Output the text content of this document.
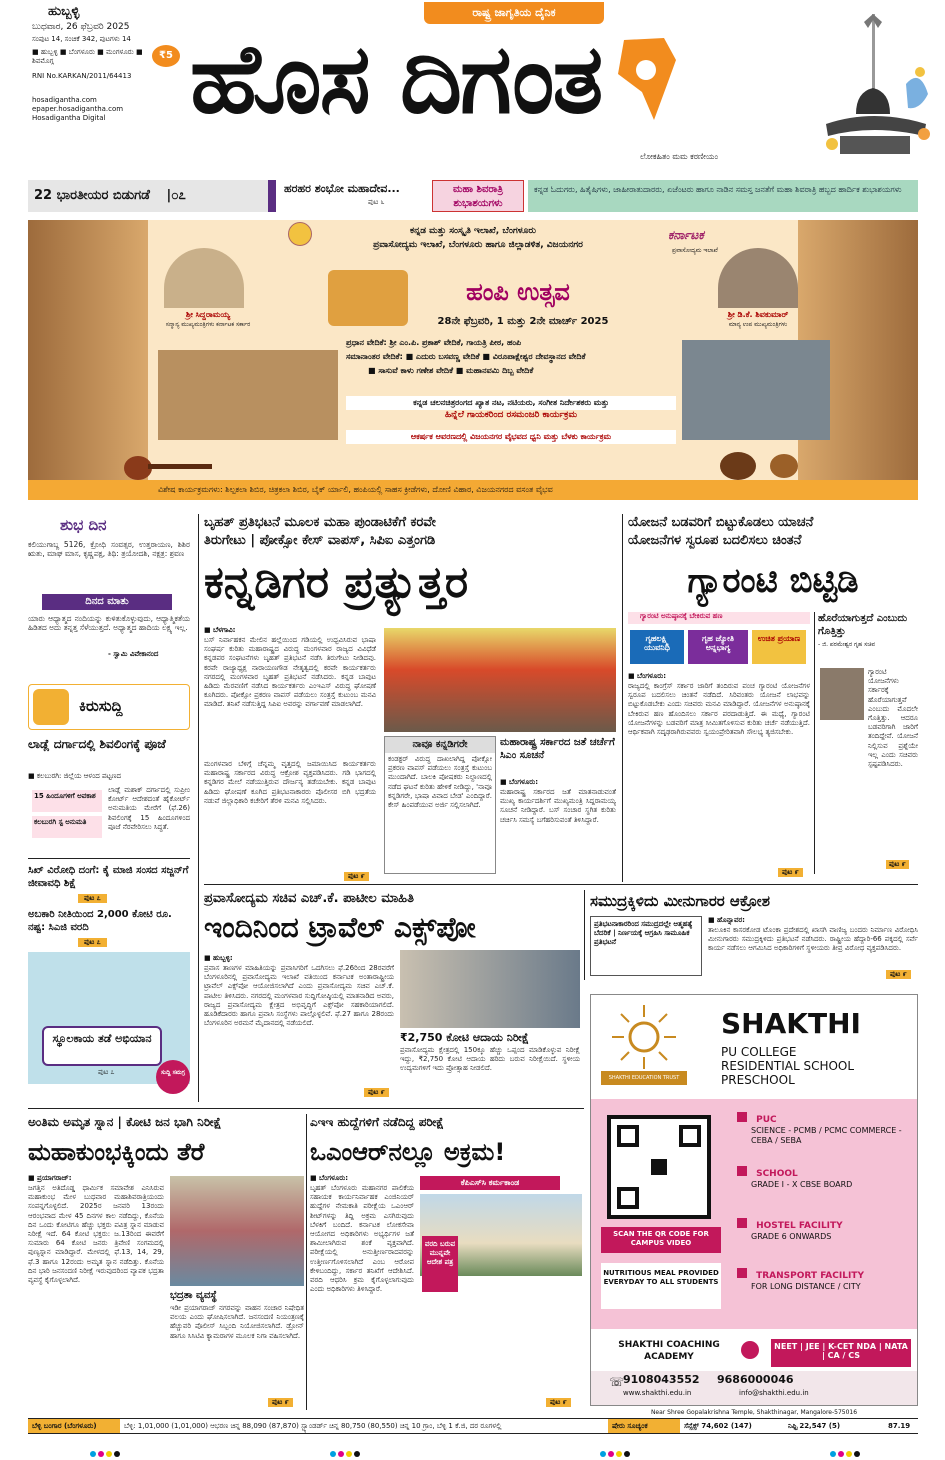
ಹುಬ್ಬಳ್ಳಿ
ಬುಧವಾರ, 26 ಫೆಬ್ರವರಿ 2025
ಸಂಪುಟ 14, ಸಂಚಿಕೆ 342, ಪುಟಗಳು 14
■ ಹುಬ್ಬಳ್ಳಿ ■ ಬೆಂಗಳೂರು ■ ಮಂಗಳೂರು ■ ಶಿವಮೊಗ್ಗ	₹5
RNI No.KARKAN/2011/64413
hosadigantha.com
epaper.hosadigantha.com
Hosadigantha Digital
ರಾಷ್ಟ್ರ ಜಾಗೃತಿಯ ದೈನಿಕ
ಹೊಸ ದಿಗಂತ
ಲೋಕಹಿತಂ ಮಮ ಕರಣೀಯಂ
22 ಭಾರತೀಯರ ಬಿಡುಗಡೆ |೦೭	ಹರಹರ ಶಂಭೋ ಮಹಾದೇವ...
ಪುಟ ೬
ಮಹಾ ಶಿವರಾತ್ರಿ ಶುಭಾಶಯಗಳು
ಕನ್ನಡ ಓದುಗರು, ಹಿತೈಷಿಗಳು, ಜಾಹೀರಾತುದಾರರು, ಏಜೆಂಟರು ಹಾಗೂ ನಾಡಿನ ಸಮಸ್ತ ಜನತೆಗೆ ಮಹಾ ಶಿವರಾತ್ರಿ ಹಬ್ಬದ ಹಾರ್ದಿಕ ಶುಭಾಶಯಗಳು
ಕನ್ನಡ ಮತ್ತು ಸಂಸ್ಕೃತಿ ಇಲಾಖೆ, ಬೆಂಗಳೂರು
ಪ್ರವಾಸೋದ್ಯಮ ಇಲಾಖೆ, ಬೆಂಗಳೂರು ಹಾಗೂ ಜಿಲ್ಲಾಡಳಿತ, ವಿಜಯನಗರ
ಕರ್ನಾಟಕ
ಪ್ರವಾಸೋದ್ಯಮ ಇಲಾಖೆ
ಶ್ರೀ ಸಿದ್ದರಾಮಯ್ಯ
ಸನ್ಮಾನ್ಯ ಮುಖ್ಯಮಂತ್ರಿಗಳು ಕರ್ನಾಟಕ ಸರ್ಕಾರ
ಶ್ರೀ ಡಿ.ಕೆ. ಶಿವಕುಮಾರ್
ಮಾನ್ಯ ಉಪ ಮುಖ್ಯಮಂತ್ರಿಗಳು
ಹಂಪಿ ಉತ್ಸವ
28ನೇ ಫೆಬ್ರವರಿ, 1 ಮತ್ತು 2ನೇ ಮಾರ್ಚ್ 2025
ಪ್ರಧಾನ ವೇದಿಕೆ: ಶ್ರೀ ಎಂ.ಪಿ. ಪ್ರಕಾಶ್ ವೇದಿಕೆ, ಗಾಯತ್ರಿ ಪೀಠ, ಹಂಪಿ
ಸಮಾನಾಂತರ ವೇದಿಕೆ: ■ ಎದುರು ಬಸವಣ್ಣ ವೇದಿಕೆ ■ ವಿರೂಪಾಕ್ಷೇಶ್ವರ ದೇವಸ್ಥಾನದ ವೇದಿಕೆ
■ ಸಾಸುವೆ ಕಾಳು ಗಣೇಶ ವೇದಿಕೆ ■ ಮಹಾನವಮಿ ದಿಬ್ಬ ವೇದಿಕೆ
ಕನ್ನಡ ಚಲನಚಿತ್ರರಂಗದ ಖ್ಯಾತ ನಟ, ನಟಿಯರು, ಸಂಗೀತ ನಿರ್ದೇಶಕರು ಮತ್ತು
ಹಿನ್ನೆಲೆ ಗಾಯಕರಿಂದ ರಸಮಂಜರಿ ಕಾರ್ಯಕ್ರಮ
ಆಕರ್ಷಕ ಆವರಣದಲ್ಲಿ ವಿಜಯನಗರ ವೈಭವದ ಧ್ವನಿ ಮತ್ತು ಬೆಳಕು ಕಾರ್ಯಕ್ರಮ
ವಿಶೇಷ ಕಾರ್ಯಕ್ರಮಗಳು: ಶಿಲ್ಪಕಲಾ ಶಿಬಿರ, ಚಿತ್ರಕಲಾ ಶಿಬಿರ, ಬೈಕ್ ರ್ಯಾಲಿ, ಹಂಪಿಯಲ್ಲಿ ಸಾಹಸ ಕ್ರೀಡೆಗಳು, ದೋಣಿ ವಿಹಾರ, ವಿಜಯನಗರದ ವಸಂತ ವೈಭವ
ಶುಭ ದಿನ
ಕಲಿಯುಗಾಬ್ದ 5126, ಕ್ರೋಧಿ ಸಂವತ್ಸರ, ಉತ್ತರಾಯಣ, ಶಿಶಿರ ಋತು, ಮಾಘ ಮಾಸ, ಕೃಷ್ಣಪಕ್ಷ, ತಿಥಿ: ತ್ರಯೋದಶಿ, ನಕ್ಷತ್ರ: ಶ್ರವಣ
ದಿನದ ಮಾತು
ಯಾರು ಆಧ್ಯಾತ್ಮದ ನಂದಿಯನ್ನು ಕುಳಿತುಕೊಳ್ಳುವುದು, ಆಧ್ಯಾತ್ಮಿಕತೆಯ ಹಿಡಿತದ ಅದು ತನ್ನತ್ತ ಸೆಳೆಯುತ್ತದೆ. ಅಧ್ಯಾತ್ಮದ ಹಾದಿಯ ಲಕ್ಷ್ಯ ಇಲ್ಲ.
- ಸ್ವಾಮಿ ವಿವೇಕಾನಂದ
ಕಿರುಸುದ್ದಿ
ಲಾಡ್ಲೆ ದರ್ಗಾದಲ್ಲಿ ಶಿವಲಿಂಗಕ್ಕೆ ಪೂಜೆ
■ ಕಲಬುರಗಿ: ಜಿಲ್ಲೆಯ ಆಳಂದ ಪಟ್ಟಣದ
15 ಹಿಂದೂಗಳಿಗೆ ಅವಕಾಶ
ಕಲಬುರಗಿ ಸ್ಟ ಅನುಮತಿ
ಲಾಡ್ಲೆ ಮಶಾಕ್ ದರ್ಗಾದಲ್ಲಿ ಸುಪ್ರೀಂ ಕೋರ್ಟ್ ಆದೇಶದಂತೆ ಹೈಕೋರ್ಟ್ ಅನುಮತಿಯ ಮೇರೆಗೆ (ಫೆ.26) ಶಿವಲಿಂಗಕ್ಕೆ 15 ಹಿಂದೂಗಳಿಂದ ಪೂಜೆ ನೆರವೇರಿಸಲು ಸಿದ್ಧತೆ.
ಸಿಖ್ ವಿರೋಧಿ ದಂಗೆ: ಕೈ ಮಾಜಿ ಸಂಸದ ಸಜ್ಜನ್‌ಗೆ ಜೀವಾವಧಿ ಶಿಕ್ಷೆ
ಪುಟ ೭
ಅಬಕಾರಿ ನೀತಿಯಿಂದ 2,000 ಕೋಟಿ ರೂ. ನಷ್ಟ: ಸಿಎಜಿ ವರದಿ
ಪುಟ ೭
ಸ್ಥೂಲಕಾಯ ತಡೆ ಅಭಿಯಾನ
ಪುಟ ೭	ಸುದ್ದಿ ಸಮಗ್ರ
ಬೃಹತ್ ಪ್ರತಿಭಟನೆ ಮೂಲಕ ಮಹಾ ಪುಂಡಾಟಿಕೆಗೆ ಕರವೇ
ತಿರುಗೇಟು | ಪೋಕ್ಸೋ ಕೇಸ್ ವಾಪಸ್, ಸಿಪಿಐ ಎತ್ತಂಗಡಿ
ಕನ್ನಡಿಗರ ಪ್ರತ್ಯುತ್ತರ
■ ಬೆಳಗಾವಿ:
ಬಸ್ ನಿರ್ವಾಹಕನ ಮೇಲಿನ ಹಲ್ಲೆಯಿಂದ ಗಡಿಯಲ್ಲಿ ಉದ್ಭವಿಸಿರುವ ಭಾಷಾ ಸಂಘರ್ಷ ಕುರಿತು ಮಹಾರಾಷ್ಟ್ರದ ವಿರುದ್ಧ ಮಂಗಳವಾರ ರಾಜ್ಯದ ವಿವಿಧೆಡೆ ಕನ್ನಡಪರ ಸಂಘಟನೆಗಳು ಬೃಹತ್ ಪ್ರತಿಭಟನೆ ನಡೆಸಿ ತಿರುಗೇಟು ನೀಡಿದವು. ಕರವೇ ರಾಜ್ಯಾಧ್ಯಕ್ಷ ನಾರಾಯಣಗೌಡ ನೇತೃತ್ವದಲ್ಲಿ ಕರವೇ ಕಾರ್ಯಕರ್ತರು ನಗರದಲ್ಲಿ ಮಂಗಳವಾರ ಬೃಹತ್ ಪ್ರತಿಭಟನೆ ನಡೆಸಿದರು. ಕನ್ನಡ ಬಾವುಟ ಹಿಡಿದು ಮೆರವಣಿಗೆ ನಡೆಸಿದ ಕಾರ್ಯಕರ್ತರು ಎಂಇಎಸ್ ವಿರುದ್ಧ ಘೋಷಣೆ ಕೂಗಿದರು. ಪೋಕ್ಸೋ ಪ್ರಕರಣ ವಾಪಸ್ ಪಡೆಯಲು ಸಂತ್ರಸ್ತೆ ಕುಟುಂಬ ಮನವಿ ಮಾಡಿದೆ. ತನಿಖೆ ನಡೆಸುತ್ತಿದ್ದ ಸಿಪಿಐ ಅವರನ್ನು ವರ್ಗಾವಣೆ ಮಾಡಲಾಗಿದೆ.
ಮಂಗಳವಾರ ಬೆಳಿಗ್ಗೆ ಚೆನ್ನಮ್ಮ ವೃತ್ತದಲ್ಲಿ ಜಮಾಯಿಸಿದ ಕಾರ್ಯಕರ್ತರು ಮಹಾರಾಷ್ಟ್ರ ಸರ್ಕಾರದ ವಿರುದ್ಧ ಆಕ್ರೋಶ ವ್ಯಕ್ತಪಡಿಸಿದರು. ಗಡಿ ಭಾಗದಲ್ಲಿ ಕನ್ನಡಿಗರ ಮೇಲೆ ನಡೆಯುತ್ತಿರುವ ದೌರ್ಜನ್ಯ ತಡೆಯಬೇಕು. ಕನ್ನಡ ಬಾವುಟ ಹಿಡಿದು ಘೋಷಣೆ ಕೂಗಿದ ಪ್ರತಿಭಟನಾಕಾರರು ಪೊಲೀಸರ ಬಿಗಿ ಭದ್ರತೆಯ ನಡುವೆ ಜಿಲ್ಲಾಧಿಕಾರಿ ಕಚೇರಿಗೆ ತೆರಳಿ ಮನವಿ ಸಲ್ಲಿಸಿದರು.
ಪುಟ ೯
ನಾವೂ ಕನ್ನಡಿಗರೇ
ಕಂಡಕ್ಟರ್ ವಿರುದ್ಧ ದಾಖಲಾಗಿದ್ದ ಪೋಕ್ಸೋ ಪ್ರಕರಣ ವಾಪಸ್ ಪಡೆಯಲು ಸಂತ್ರಸ್ತೆ ಕುಟುಂಬ ಮುಂದಾಗಿದೆ. ಬಾಲಕಿ ಪೋಷಕರು ನಿಲ್ದಾಣದಲ್ಲಿ ನಡೆದ ಘಟನೆ ಕುರಿತು ಹೇಳಿಕೆ ನೀಡಿದ್ದು, 'ನಾವೂ ಕನ್ನಡಿಗರೇ, ಭಾಷಾ ವಿವಾದ ಬೇಡ' ಎಂದಿದ್ದಾರೆ. ಕೇಸ್ ಹಿಂಪಡೆಯುವ ಅರ್ಜಿ ಸಲ್ಲಿಸಲಾಗಿದೆ.
ಮಹಾರಾಷ್ಟ್ರ ಸರ್ಕಾರದ ಜತೆ ಚರ್ಚೆಗೆ ಸಿಎಂ ಸೂಚನೆ
■ ಬೆಂಗಳೂರು:
ಮಹಾರಾಷ್ಟ್ರ ಸರ್ಕಾರದ ಜತೆ ಮಾತನಾಡುವಂತೆ ಮುಖ್ಯ ಕಾರ್ಯದರ್ಶಿಗೆ ಮುಖ್ಯಮಂತ್ರಿ ಸಿದ್ದರಾಮಯ್ಯ ಸೂಚನೆ ನೀಡಿದ್ದಾರೆ. ಬಸ್ ಸಂಚಾರ ಸ್ಥಗಿತ ಕುರಿತು ಚರ್ಚಿಸಿ ಸಮಸ್ಯೆ ಬಗೆಹರಿಸುವಂತೆ ತಿಳಿಸಿದ್ದಾರೆ.
ಯೋಜನೆ ಬಡವರಿಗೆ ಬಿಟ್ಟುಕೊಡಲು ಯಾಚನೆ
ಯೋಜನೆಗಳ ಸ್ವರೂಪ ಬದಲಿಸಲು ಚಿಂತನೆ
ಗ್ಯಾರಂಟಿ ಬಿಟ್ಟಿಡಿ
ಗ್ಯಾರಂಟಿ ಅನುಷ್ಠಾನಕ್ಕೆ ಬೇಕಿರುವ ಹಣ
ಗೃಹಲಕ್ಷ್ಮಿ
ಯುವನಿಧಿ
ಗೃಹ ಜ್ಯೋತಿ
ಅನ್ನಭಾಗ್ಯ
ಉಚಿತ ಪ್ರಯಾಣ
■ ಬೆಂಗಳೂರು:
ರಾಜ್ಯದಲ್ಲಿ ಕಾಂಗ್ರೆಸ್ ಸರ್ಕಾರ ಜಾರಿಗೆ ತಂದಿರುವ ಪಂಚ ಗ್ಯಾರಂಟಿ ಯೋಜನೆಗಳ ಸ್ವರೂಪ ಬದಲಿಸಲು ಚಿಂತನೆ ನಡೆದಿದೆ. ಸಿರಿವಂತರು ಯೋಜನೆ ಲಾಭವನ್ನು ಬಿಟ್ಟುಕೊಡಬೇಕು ಎಂದು ಸಚಿವರು ಮನವಿ ಮಾಡಿದ್ದಾರೆ. ಯೋಜನೆಗಳ ಅನುಷ್ಠಾನಕ್ಕೆ ಬೇಕಿರುವ ಹಣ ಹೊಂದಿಸಲು ಸರ್ಕಾರ ಪರದಾಡುತ್ತಿದೆ. ಈ ಮಧ್ಯೆ, ಗ್ಯಾರಂಟಿ ಯೋಜನೆಗಳನ್ನು ಬಡವರಿಗೆ ಮಾತ್ರ ಸೀಮಿತಗೊಳಿಸುವ ಕುರಿತು ಚರ್ಚೆ ನಡೆಯುತ್ತಿದೆ. ಆರ್ಥಿಕವಾಗಿ ಸದೃಢರಾಗಿರುವವರು ಸ್ವಯಂಪ್ರೇರಿತವಾಗಿ ಸೌಲಭ್ಯ ತ್ಯಜಿಸಬೇಕು.
ಪುಟ ೯
ಹೊರೆಯಾಗುತ್ತದೆ ಎಂಬುದು ಗೊತ್ತಿತ್ತು
- ಜಿ. ಪರಮೇಶ್ವರ ಗೃಹ ಸಚಿವ
ಗ್ಯಾರಂಟಿ ಯೋಜನೆಗಳು ಸರ್ಕಾರಕ್ಕೆ ಹೊರೆಯಾಗುತ್ತವೆ ಎಂಬುದು ಮೊದಲೇ ಗೊತ್ತಿತ್ತು. ಆದರೂ ಬಡವರಿಗಾಗಿ ಜಾರಿಗೆ ತಂದಿದ್ದೇವೆ. ಯೋಜನೆ ನಿಲ್ಲಿಸುವ ಪ್ರಶ್ನೆಯೇ ಇಲ್ಲ ಎಂದು ಸಚಿವರು ಸ್ಪಷ್ಟಪಡಿಸಿದರು.
ಪುಟ ೯
ಪ್ರವಾಸೋದ್ಯಮ ಸಚಿವ ಎಚ್.ಕೆ. ಪಾಟೀಲ ಮಾಹಿತಿ
ಇಂದಿನಿಂದ ಟ್ರಾವೆಲ್ ಎಕ್ಸ್‌ಪೋ
■ ಹುಬ್ಬಳ್ಳಿ:
ಪ್ರವಾಸ ತಾಣಗಳ ಮಾಹಿತಿಯನ್ನು ಪ್ರವಾಸಿಗರಿಗೆ ಒದಗಿಸಲು ಫೆ.26ರಿಂದ 28ರವರೆಗೆ ಬೆಂಗಳೂರಿನಲ್ಲಿ ಪ್ರವಾಸೋದ್ಯಮ ಇಲಾಖೆ ವತಿಯಿಂದ ಕರ್ನಾಟಕ ಅಂತಾರಾಷ್ಟ್ರೀಯ ಟ್ರಾವೆಲ್ ಎಕ್ಸ್‌ಪೋ ಆಯೋಜಿಸಲಾಗಿದೆ ಎಂದು ಪ್ರವಾಸೋದ್ಯಮ ಸಚಿವ ಎಚ್.ಕೆ. ಪಾಟೀಲ ತಿಳಿಸಿದರು. ನಗರದಲ್ಲಿ ಮಂಗಳವಾರ ಸುದ್ದಿಗೋಷ್ಠಿಯಲ್ಲಿ ಮಾತನಾಡಿದ ಅವರು, ರಾಜ್ಯದ ಪ್ರವಾಸೋದ್ಯಮ ಕ್ಷೇತ್ರದ ಅಭಿವೃದ್ಧಿಗೆ ಎಕ್ಸ್‌ಪೋ ಸಹಕಾರಿಯಾಗಲಿದೆ. ಹೂಡಿಕೆದಾರರು ಹಾಗೂ ಪ್ರವಾಸಿ ಸಂಸ್ಥೆಗಳು ಪಾಲ್ಗೊಳ್ಳಲಿವೆ. ಫೆ.27 ಹಾಗೂ 28ರಂದು ಬೆಂಗಳೂರಿನ ಅರಮನೆ ಮೈದಾನದಲ್ಲಿ ನಡೆಯಲಿದೆ.
₹2,750 ಕೋಟಿ ಆದಾಯ ನಿರೀಕ್ಷೆ
ಪ್ರವಾಸೋದ್ಯಮ ಕ್ಷೇತ್ರದಲ್ಲಿ 150ಕ್ಕೂ ಹೆಚ್ಚು ಒಪ್ಪಂದ ಮಾಡಿಕೊಳ್ಳುವ ನಿರೀಕ್ಷೆ ಇದ್ದು, ₹2,750 ಕೋಟಿ ಆದಾಯ ಹರಿದು ಬರುವ ನಿರೀಕ್ಷೆಯಿದೆ. ಸ್ಥಳೀಯ ಉದ್ಯಮಗಳಿಗೆ ಇದು ಪ್ರೋತ್ಸಾಹ ನೀಡಲಿದೆ.
ಪುಟ ೯
ಸಮುದ್ರಕ್ಕಿಳಿದು ಮೀನುಗಾರರ ಆಕ್ರೋಶ
ಪ್ರತಿಭಟನಾಕಾರರಿಂದ ಸಮುದ್ರದಲ್ಲೇ ಆತ್ಮಹತ್ಯೆ ಬೆದರಿಕೆ | ನಿರ್ಣಯಕ್ಕೆ ಆಗ್ರಹಿಸಿ ಸಾಮೂಹಿಕ ಪ್ರತಿಭಟನೆ
■ ಹೊನ್ನಾವರ:
ತಾಲೂಕಿನ ಕಾಸರಕೋಡ ಟೊಂಕಾ ಪ್ರದೇಶದಲ್ಲಿ ಖಾಸಗಿ ವಾಣಿಜ್ಯ ಬಂದರು ನಿರ್ಮಾಣ ವಿರೋಧಿಸಿ ಮೀನುಗಾರರು ಸಮುದ್ರಕ್ಕಿಳಿದು ಪ್ರತಿಭಟನೆ ನಡೆಸಿದರು. ರಾಷ್ಟ್ರೀಯ ಹೆದ್ದಾರಿ-66 ಪಕ್ಕದಲ್ಲಿ ಸರ್ವೆ ಕಾರ್ಯ ನಡೆಸಲು ಆಗಮಿಸಿದ ಅಧಿಕಾರಿಗಳಿಗೆ ಸ್ಥಳೀಯರು ತೀವ್ರ ವಿರೋಧ ವ್ಯಕ್ತಪಡಿಸಿದರು.
ಪುಟ ೯
SHAKTHI EDUCATION TRUST
SHAKTHI
PU COLLEGE
RESIDENTIAL SCHOOL
PRESCHOOL
SCAN THE QR CODE FOR CAMPUS VIDEO
NUTRITIOUS MEAL PROVIDED EVERYDAY TO ALL STUDENTS
PUC
SCIENCE - PCMB / PCMC COMMERCE - CEBA / SEBA
SCHOOL
GRADE I - X CBSE BOARD
HOSTEL FACILITY
GRADE 6 ONWARDS
TRANSPORT FACILITY
FOR LONG DISTANCE / CITY
SHAKTHI COACHING ACADEMY
NEET | JEE | K-CET NDA | NATA | CA / CS
☏
9108043552 9686000046
www.shakthi.edu.in	info@shakthi.edu.in
Near Shree Gopalakrishna Temple, Shakthinagar, Mangalore-575016
ಅಂತಿಮ ಅಮೃತ ಸ್ನಾನ | ಕೋಟಿ ಜನ ಭಾಗಿ ನಿರೀಕ್ಷೆ
ಮಹಾಕುಂಭಕ್ಕಿಂದು ತೆರೆ
■ ಪ್ರಯಾಗರಾಜ್:
ಜಗತ್ತಿನ ಅತಿದೊಡ್ಡ ಧಾರ್ಮಿಕ ಸಮಾವೇಶ ಎನಿಸಿರುವ ಮಹಾಕುಂಭ ಮೇಳ ಬುಧವಾರ ಮಹಾಶಿವರಾತ್ರಿಯಂದು ಸಂಪನ್ನಗೊಳ್ಳಲಿದೆ. 2025ರ ಜನವರಿ 13ರಂದು ಆರಂಭವಾದ ಮೇಳ 45 ದಿನಗಳ ಕಾಲ ನಡೆದಿದ್ದು, ಕೊನೆಯ ದಿನ ಒಂದು ಕೋಟಿಗೂ ಹೆಚ್ಚು ಭಕ್ತರು ಪವಿತ್ರ ಸ್ನಾನ ಮಾಡುವ ನಿರೀಕ್ಷೆ ಇದೆ. 64 ಕೋಟಿ ಭಕ್ತರು: ಜ.13ರಿಂದ ಈವರೆಗೆ ಸುಮಾರು 64 ಕೋಟಿ ಜನರು ತ್ರಿವೇಣಿ ಸಂಗಮದಲ್ಲಿ ಪುಣ್ಯಸ್ನಾನ ಮಾಡಿದ್ದಾರೆ. ಮೇಳದಲ್ಲಿ ಫೆ.13, 14, 29, ಫೆ.3 ಹಾಗೂ 12ರಂದು ಅಮೃತ ಸ್ನಾನ ನಡೆದಿತ್ತು. ಕೊನೆಯ ದಿನ ಭಾರಿ ಜನಸಂದಣಿ ನಿರೀಕ್ಷೆ ಇರುವುದರಿಂದ ವ್ಯಾಪಕ ಭದ್ರತಾ ವ್ಯವಸ್ಥೆ ಕೈಗೊಳ್ಳಲಾಗಿದೆ.
ಭದ್ರತಾ ವ್ಯವಸ್ಥೆ
ಇಡೀ ಪ್ರಯಾಗರಾಜ್ ನಗರವನ್ನು ವಾಹನ ಸಂಚಾರ ನಿಷೇಧಿತ ವಲಯ ಎಂದು ಘೋಷಿಸಲಾಗಿದೆ. ಜನಸಂದಣಿ ನಿಯಂತ್ರಣಕ್ಕೆ ಹೆಚ್ಚುವರಿ ಪೊಲೀಸ್ ಸಿಬ್ಬಂದಿ ನಿಯೋಜಿಸಲಾಗಿದೆ. ಡ್ರೋನ್ ಹಾಗೂ ಸಿಸಿಟಿವಿ ಕ್ಯಾಮರಾಗಳ ಮೂಲಕ ನಿಗಾ ವಹಿಸಲಾಗಿದೆ.
ಪುಟ ೯
ಎಇಇ ಹುದ್ದೆಗಳಿಗೆ ನಡೆದಿದ್ದ ಪರೀಕ್ಷೆ
ಒಎಂಆರ್‌ನಲ್ಲೂ ಅಕ್ರಮ!
■ ಬೆಂಗಳೂರು:
ಬೃಹತ್ ಬೆಂಗಳೂರು ಮಹಾನಗರ ಪಾಲಿಕೆಯ ಸಹಾಯಕ ಕಾರ್ಯನಿರ್ವಾಹಕ ಎಂಜಿನಿಯರ್ ಹುದ್ದೆಗಳ ನೇಮಕಾತಿ ಪರೀಕ್ಷೆಯ ಒಎಂಆರ್ ಶೀಟ್‌ಗಳನ್ನು ತಿದ್ದಿ ಅಕ್ರಮ ಎಸಗಿರುವುದು ಬೆಳಕಿಗೆ ಬಂದಿದೆ. ಕರ್ನಾಟಕ ಲೋಕಸೇವಾ ಆಯೋಗದ ಅಧಿಕಾರಿಗಳು ಅಭ್ಯರ್ಥಿಗಳ ಜತೆ ಶಾಮೀಲಾಗಿರುವ ಶಂಕೆ ವ್ಯಕ್ತವಾಗಿದೆ. ಪರೀಕ್ಷೆಯಲ್ಲಿ ಅನುತ್ತೀರ್ಣರಾದವರನ್ನು ಉತ್ತೀರ್ಣಗೊಳಿಸಲಾಗಿದೆ ಎಂಬ ಆರೋಪ ಕೇಳಿಬಂದಿದ್ದು, ಸರ್ಕಾರ ತನಿಖೆಗೆ ಆದೇಶಿಸಿದೆ. ವರದಿ ಆಧರಿಸಿ ಕ್ರಮ ಕೈಗೊಳ್ಳಲಾಗುವುದು ಎಂದು ಅಧಿಕಾರಿಗಳು ತಿಳಿಸಿದ್ದಾರೆ.
ಕೆಪಿಎಸ್‌ಸಿ ಕರ್ಮಕಾಂಡ
ವರದಿ ಬರುವ ಮುನ್ನವೇ ಆದೇಶ ಪತ್ರ
ಪುಟ ೯
ಬೆಳ್ಳಿ ಬಂಗಾರ (ಬೆಂಗಳೂರು)	ಬೆಳ್ಳಿ: 1,01,000 (1,01,000) ಆಭರಣ ಚಿನ್ನ 88,090 (87,870) ಸ್ಟ್ಯಾಂಡರ್ಡ್ ಚಿನ್ನ 80,750 (80,550) ಚಿನ್ನ 10 ಗ್ರಾಂ, ಬೆಳ್ಳಿ 1 ಕೆ.ಜಿ, ದರ ರೂಗಳಲ್ಲಿ	ಷೇರು ಸೂಚ್ಯಂಕ	ಸೆನ್ಸೆಕ್ಸ್ 74,602 (147)	ನಿಫ್ಟಿ 22,547 (5)	87.19
